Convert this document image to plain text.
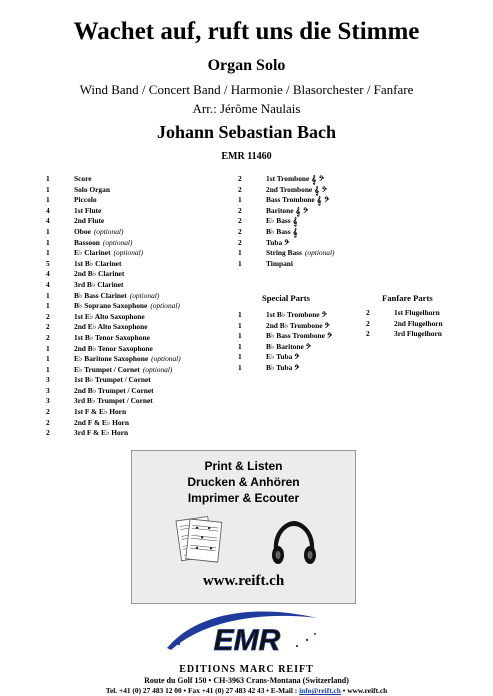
Wachet auf, ruft uns die Stimme
Organ Solo
Wind Band / Concert Band / Harmonie / Blasorchester / Fanfare
Arr.: Jérôme Naulais
Johann Sebastian Bach
EMR 11460
1	Score
1	Solo Organ
1	Piccolo
4	1st Flute
4	2nd Flute
1	Oboe (optional)
1	Bassoon (optional)
1	E♭ Clarinet (optional)
5	1st B♭ Clarinet
4	2nd B♭ Clarinet
4	3rd B♭ Clarinet
1	B♭ Bass Clarinet (optional)
1	B♭ Soprano Saxophone (optional)
2	1st E♭ Alto Saxophone
2	2nd E♭ Alto Saxophone
2	1st B♭ Tenor Saxophone
1	2nd B♭ Tenor Saxophone
1	E♭ Baritone Saxophone (optional)
1	E♭ Trumpet / Cornet (optional)
3	1st B♭ Trumpet / Cornet
3	2nd B♭ Trumpet / Cornet
3	3rd B♭ Trumpet / Cornet
2	1st F & E♭ Horn
2	2nd F & E♭ Horn
2	3rd F & E♭ Horn
2	1st Trombone 𝄞 𝄢
2	2nd Trombone 𝄞 𝄢
1	Bass Trombone 𝄞 𝄢
2	Baritone 𝄞 𝄢
2	E♭ Bass 𝄞
2	B♭ Bass 𝄞
2	Tuba 𝄢
1	String Bass (optional)
1	Timpani
Special Parts
1	1st B♭ Trombone 𝄢
1	2nd B♭ Trombone 𝄢
1	B♭ Bass Trombone 𝄢
1	B♭ Baritone 𝄢
1	E♭ Tuba 𝄢
1	B♭ Tuba 𝄢
Fanfare Parts
2	1st Flugelhorn
2	2nd Flugelhorn
2	3rd Flugelhorn
Print & Listen
Drucken & Anhören
Imprimer & Ecouter
www.reift.ch
EMR
EDITIONS MARC REIFT
Route du Golf 150 • CH-3963 Crans-Montana (Switzerland)
Tel. +41 (0) 27 483 12 00 • Fax +41 (0) 27 483 42 43 • E-Mail : info@reift.ch • www.reift.ch
